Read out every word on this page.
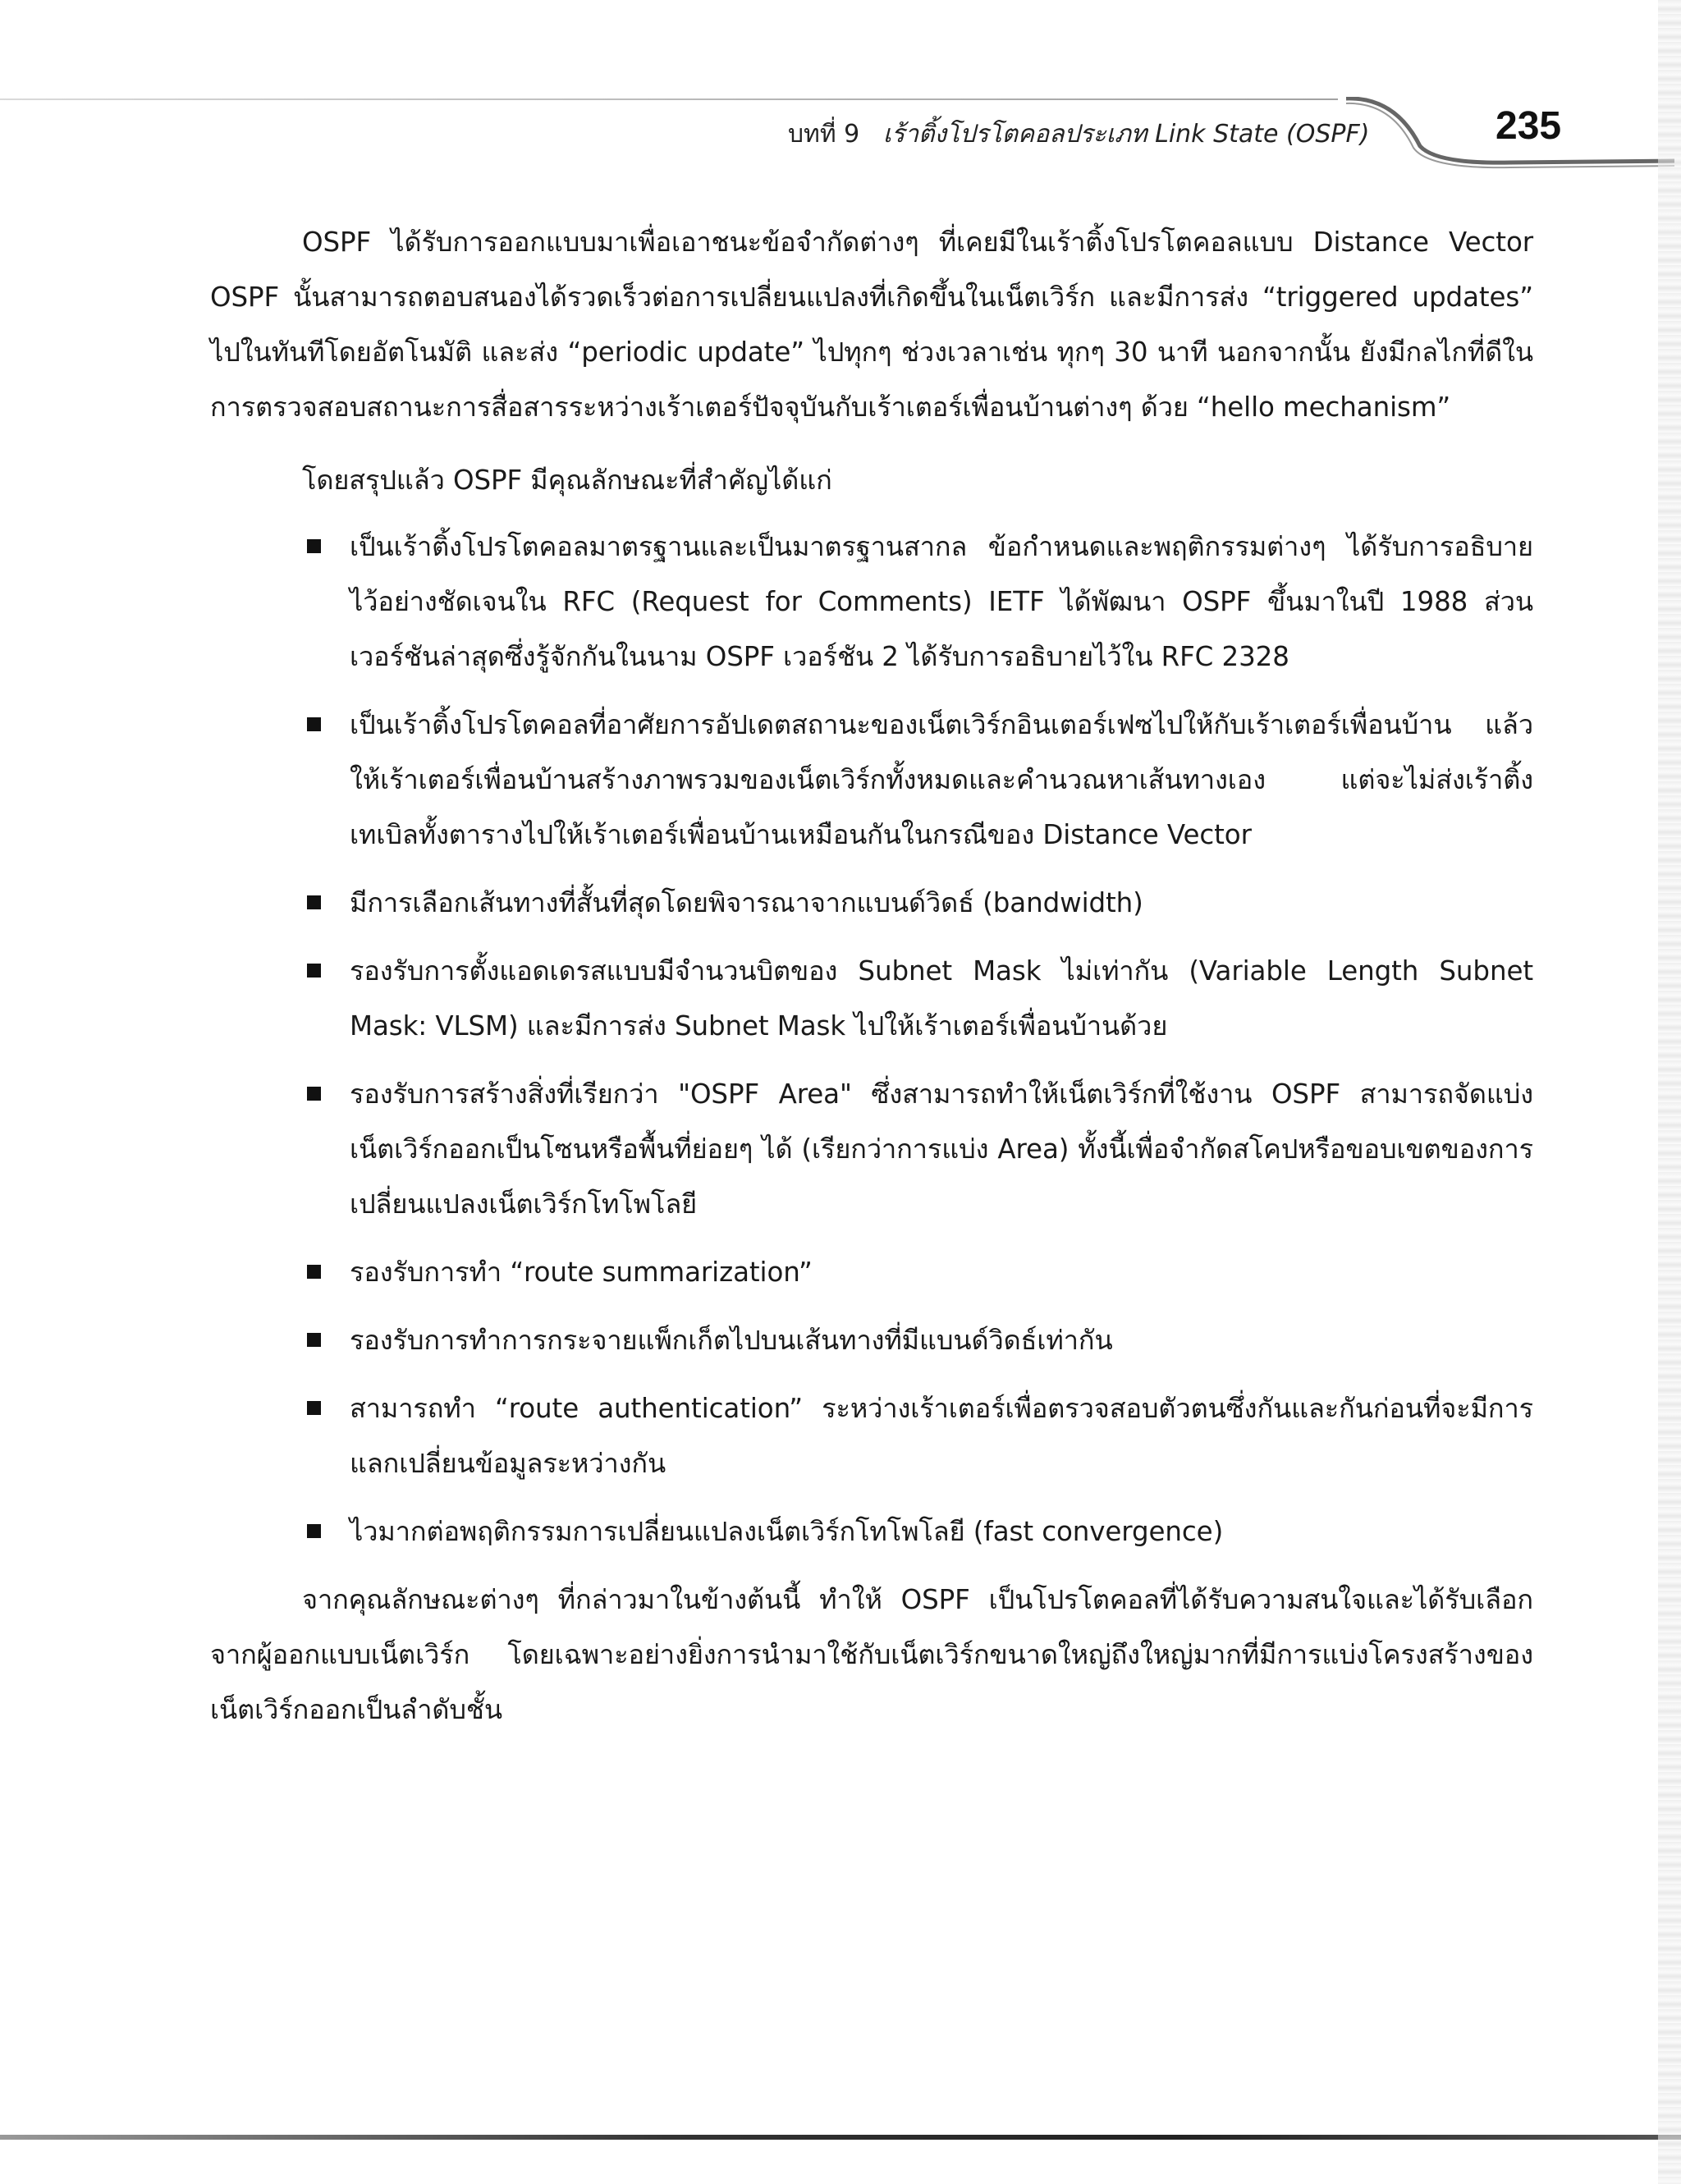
บทที่ 9 เร้าติ้งโปรโตคอลประเภท Link State (OSPF)	235

OSPF ได้รับการออกแบบมาเพื่อเอาชนะข้อจำกัดต่างๆ ที่เคยมีในเร้าติ้งโปรโตคอลแบบ Distance Vector OSPF นั้นสามารถตอบสนองได้รวดเร็วต่อการเปลี่ยนแปลงที่เกิดขึ้นในเน็ตเวิร์ก และมีการส่ง “triggered updates” ไปในทันทีโดยอัตโนมัติ และส่ง “periodic update” ไปทุกๆ ช่วงเวลาเช่น ทุกๆ 30 นาที นอกจากนั้น ยังมีกลไกที่ดีในการตรวจสอบสถานะการสื่อสารระหว่างเร้าเตอร์ปัจจุบันกับเร้าเตอร์เพื่อนบ้านต่างๆ ด้วย “hello mechanism”

โดยสรุปแล้ว OSPF มีคุณลักษณะที่สำคัญได้แก่

เป็นเร้าติ้งโปรโตคอลมาตรฐานและเป็นมาตรฐานสากล ข้อกำหนดและพฤติกรรมต่างๆ ได้รับการอธิบายไว้อย่างชัดเจนใน RFC (Request for Comments) IETF ได้พัฒนา OSPF ขึ้นมาในปี 1988 ส่วนเวอร์ชันล่าสุดซึ่งรู้จักกันในนาม OSPF เวอร์ชัน 2 ได้รับการอธิบายไว้ใน RFC 2328
เป็นเร้าติ้งโปรโตคอลที่อาศัยการอัปเดตสถานะของเน็ตเวิร์กอินเตอร์เฟซไปให้กับเร้าเตอร์เพื่อนบ้าน แล้วให้เร้าเตอร์เพื่อนบ้านสร้างภาพรวมของเน็ตเวิร์กทั้งหมดและคำนวณหาเส้นทางเอง แต่จะไม่ส่งเร้าติ้งเทเบิลทั้งตารางไปให้เร้าเตอร์เพื่อนบ้านเหมือนกันในกรณีของ Distance Vector
มีการเลือกเส้นทางที่สั้นที่สุดโดยพิจารณาจากแบนด์วิดธ์ (bandwidth)
รองรับการตั้งแอดเดรสแบบมีจำนวนบิตของ Subnet Mask ไม่เท่ากัน (Variable Length Subnet Mask: VLSM) และมีการส่ง Subnet Mask ไปให้เร้าเตอร์เพื่อนบ้านด้วย
รองรับการสร้างสิ่งที่เรียกว่า "OSPF Area" ซึ่งสามารถทำให้เน็ตเวิร์กที่ใช้งาน OSPF สามารถจัดแบ่งเน็ตเวิร์กออกเป็นโซนหรือพื้นที่ย่อยๆ ได้ (เรียกว่าการแบ่ง Area) ทั้งนี้เพื่อจำกัดสโคปหรือขอบเขตของการเปลี่ยนแปลงเน็ตเวิร์กโทโพโลยี
รองรับการทำ “route summarization”
รองรับการทำการกระจายแพ็กเก็ตไปบนเส้นทางที่มีแบนด์วิดธ์เท่ากัน
สามารถทำ “route authentication” ระหว่างเร้าเตอร์เพื่อตรวจสอบตัวตนซึ่งกันและกันก่อนที่จะมีการแลกเปลี่ยนข้อมูลระหว่างกัน
ไวมากต่อพฤติกรรมการเปลี่ยนแปลงเน็ตเวิร์กโทโพโลยี (fast convergence)

จากคุณลักษณะต่างๆ ที่กล่าวมาในข้างต้นนี้ ทำให้ OSPF เป็นโปรโตคอลที่ได้รับความสนใจและได้รับเลือกจากผู้ออกแบบเน็ตเวิร์ก โดยเฉพาะอย่างยิ่งการนำมาใช้กับเน็ตเวิร์กขนาดใหญ่ถึงใหญ่มากที่มีการแบ่งโครงสร้างของเน็ตเวิร์กออกเป็นลำดับชั้น
